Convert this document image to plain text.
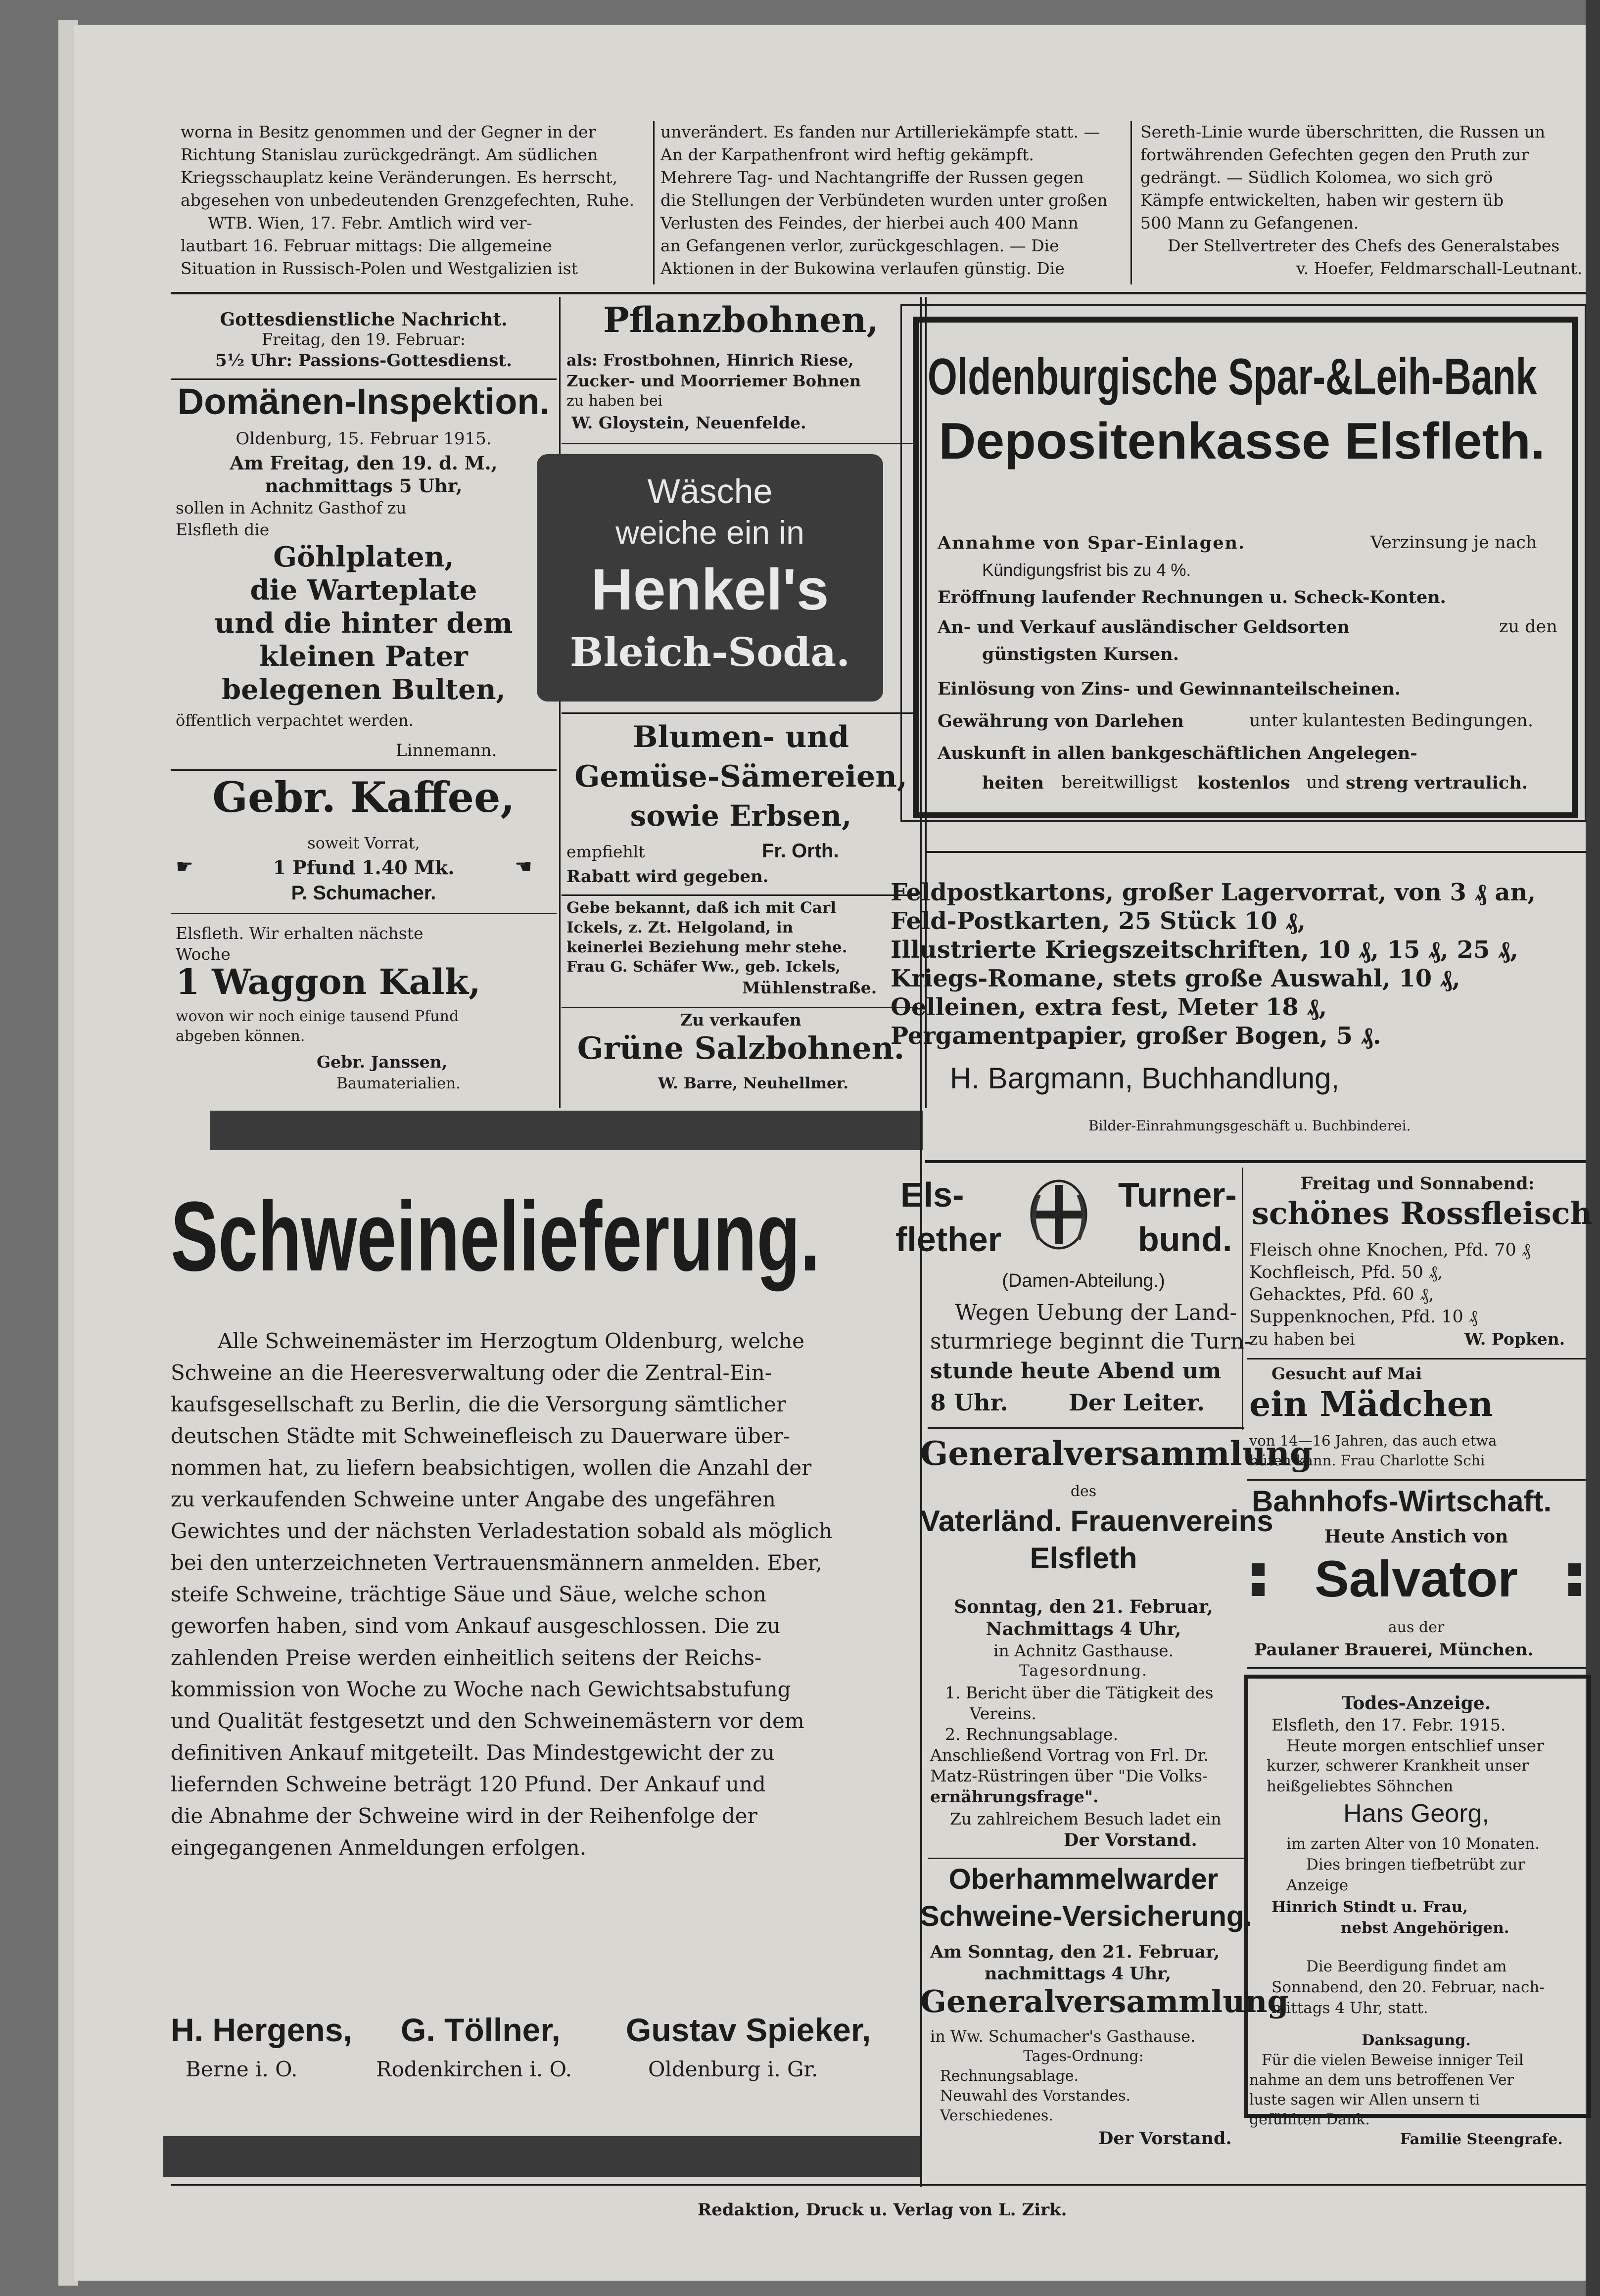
worna in Besitz genommen und der Gegner in der
Richtung Stanislau zurückgedrängt. Am südlichen
Kriegsschauplatz keine Veränderungen. Es herrscht,
abgesehen von unbedeutenden Grenzgefechten, Ruhe.
WTB. Wien, 17. Febr. Amtlich wird ver-
lautbart 16. Februar mittags: Die allgemeine
Situation in Russisch-Polen und Westgalizien ist
unverändert. Es fanden nur Artilleriekämpfe statt. —
An der Karpathenfront wird heftig gekämpft.
Mehrere Tag- und Nachtangriffe der Russen gegen
die Stellungen der Verbündeten wurden unter großen
Verlusten des Feindes, der hierbei auch 400 Mann
an Gefangenen verlor, zurückgeschlagen. — Die
Aktionen in der Bukowina verlaufen günstig. Die
Sereth-Linie wurde überschritten, die Russen un
fortwährenden Gefechten gegen den Pruth zur
gedrängt. — Südlich Kolomea, wo sich grö
Kämpfe entwickelten, haben wir gestern üb
500 Mann zu Gefangenen.
Der Stellvertreter des Chefs des Generalstabes
v. Hoefer, Feldmarschall-Leutnant.
Gottesdienstliche Nachricht.
Freitag, den 19. Februar:
5½ Uhr: Passions-Gottesdienst.
Domänen-Inspektion.
Oldenburg, 15. Februar 1915.
Am Freitag, den 19. d. M.,
nachmittags 5 Uhr,
sollen in Achnitz Gasthof zu
Elsfleth die
Göhlplaten,
die Warteplate
und die hinter dem
kleinen Pater
belegenen Bulten,
öffentlich verpachtet werden.
Linnemann.
Gebr. Kaffee,
soweit Vorrat,
☛	1 Pfund 1.40 Mk.	☚
P. Schumacher.
Elsfleth. Wir erhalten nächste
Woche
1 Waggon Kalk,
wovon wir noch einige tausend Pfund
abgeben können.
Gebr. Janssen,
Baumaterialien.
Pflanzbohnen,
als: Frostbohnen, Hinrich Riese,
Zucker- und Moorriemer Bohnen
zu haben bei
W. Gloystein, Neuenfelde.
Wäsche
weiche ein in
Henkel's
Bleich-Soda.
Blumen- und
Gemüse-Sämereien,
sowie Erbsen,
empfiehlt	Fr. Orth.
Rabatt wird gegeben.
Gebe bekannt, daß ich mit Carl
Ickels, z. Zt. Helgoland, in
keinerlei Beziehung mehr stehe.
Frau G. Schäfer Ww., geb. Ickels,
Mühlenstraße.
Zu verkaufen
Grüne Salzbohnen.
W. Barre, Neuhellmer.
Oldenburgische Spar-&Leih-Bank
Depositenkasse Elsfleth.
Annahme von Spar-Einlagen.	Verzinsung je nach
Kündigungsfrist bis zu 4 %.
Eröffnung laufender Rechnungen u. Scheck-Konten.
An- und Verkauf ausländischer Geldsorten	zu den
günstigsten Kursen.
Einlösung von Zins- und Gewinnanteilscheinen.
Gewährung von Darlehen	unter kulantesten Bedingungen.
Auskunft in allen bankgeschäftlichen Angelegen-
heiten bereitwilligst kostenlos und streng vertraulich.
Feldpostkartons, großer Lagervorrat, von 3 ₰ an,
Feld-Postkarten, 25 Stück 10 ₰,
Illustrierte Kriegszeitschriften, 10 ₰, 15 ₰, 25 ₰,
Kriegs-Romane, stets große Auswahl, 10 ₰,
Oelleinen, extra fest, Meter 18 ₰,
Pergamentpapier, großer Bogen, 5 ₰.
H. Bargmann, Buchhandlung,
Bilder-Einrahmungsgeschäft u. Buchbinderei.
Schweinelieferung.
Alle Schweinemäster im Herzogtum Oldenburg, welche
Schweine an die Heeresverwaltung oder die Zentral-Ein-
kaufsgesellschaft zu Berlin, die die Versorgung sämtlicher
deutschen Städte mit Schweinefleisch zu Dauerware über-
nommen hat, zu liefern beabsichtigen, wollen die Anzahl der
zu verkaufenden Schweine unter Angabe des ungefähren
Gewichtes und der nächsten Verladestation sobald als möglich
bei den unterzeichneten Vertrauensmännern anmelden. Eber,
steife Schweine, trächtige Säue und Säue, welche schon
geworfen haben, sind vom Ankauf ausgeschlossen. Die zu
zahlenden Preise werden einheitlich seitens der Reichs-
kommission von Woche zu Woche nach Gewichtsabstufung
und Qualität festgesetzt und den Schweinemästern vor dem
definitiven Ankauf mitgeteilt. Das Mindestgewicht der zu
liefernden Schweine beträgt 120 Pfund. Der Ankauf und
die Abnahme der Schweine wird in der Reihenfolge der
eingegangenen Anmeldungen erfolgen.
H. Hergens,
Berne i. O.
G. Töllner,
Rodenkirchen i. O.
Gustav Spieker,
Oldenburg i. Gr.
Els-
flether
Turner-
bund.
(Damen-Abteilung.)
Wegen Uebung der Land-
sturmriege beginnt die Turn-
stunde heute Abend um
8 Uhr.	Der Leiter.
Generalversammlung
des
Vaterländ. Frauenvereins
Elsfleth
Sonntag, den 21. Februar,
Nachmittags 4 Uhr,
in Achnitz Gasthause.
Tagesordnung.
1. Bericht über die Tätigkeit des
Vereins.
2. Rechnungsablage.
Anschließend Vortrag von Frl. Dr.
Matz-Rüstringen über "Die Volks-
ernährungsfrage".
Zu zahlreichem Besuch ladet ein
Der Vorstand.
Oberhammelwarder
Schweine-Versicherung.
Am Sonntag, den 21. Februar,
nachmittags 4 Uhr,
Generalversammlung
in Ww. Schumacher's Gasthause.
Tages-Ordnung:
Rechnungsablage.
Neuwahl des Vorstandes.
Verschiedenes.
Der Vorstand.
Freitag und Sonnabend:
schönes Rossfleisch
Fleisch ohne Knochen, Pfd. 70 ₰
Kochfleisch, Pfd. 50 ₰,
Gehacktes, Pfd. 60 ₰,
Suppenknochen, Pfd. 10 ₰
zu haben bei	W. Popken.
Gesucht auf Mai
ein Mädchen
von 14—16 Jahren, das auch etwa
hüten kann. Frau Charlotte Schi
Bahnhofs-Wirtschaft.
Heute Anstich von
Salvator
aus der
Paulaner Brauerei, München.
Todes-Anzeige.
Elsfleth, den 17. Febr. 1915.
Heute morgen entschlief unser
kurzer, schwerer Krankheit unser
heißgeliebtes Söhnchen
Hans Georg,
im zarten Alter von 10 Monaten.
Dies bringen tiefbetrübt zur
Anzeige
Hinrich Stindt u. Frau,
nebst Angehörigen.
Die Beerdigung findet am
Sonnabend, den 20. Februar, nach-
mittags 4 Uhr, statt.
Danksagung.
Für die vielen Beweise inniger Teil
nahme an dem uns betroffenen Ver
luste sagen wir Allen unsern ti
gefühlten Dank.
Familie Steengrafe.
Redaktion, Druck u. Verlag von L. Zirk.
